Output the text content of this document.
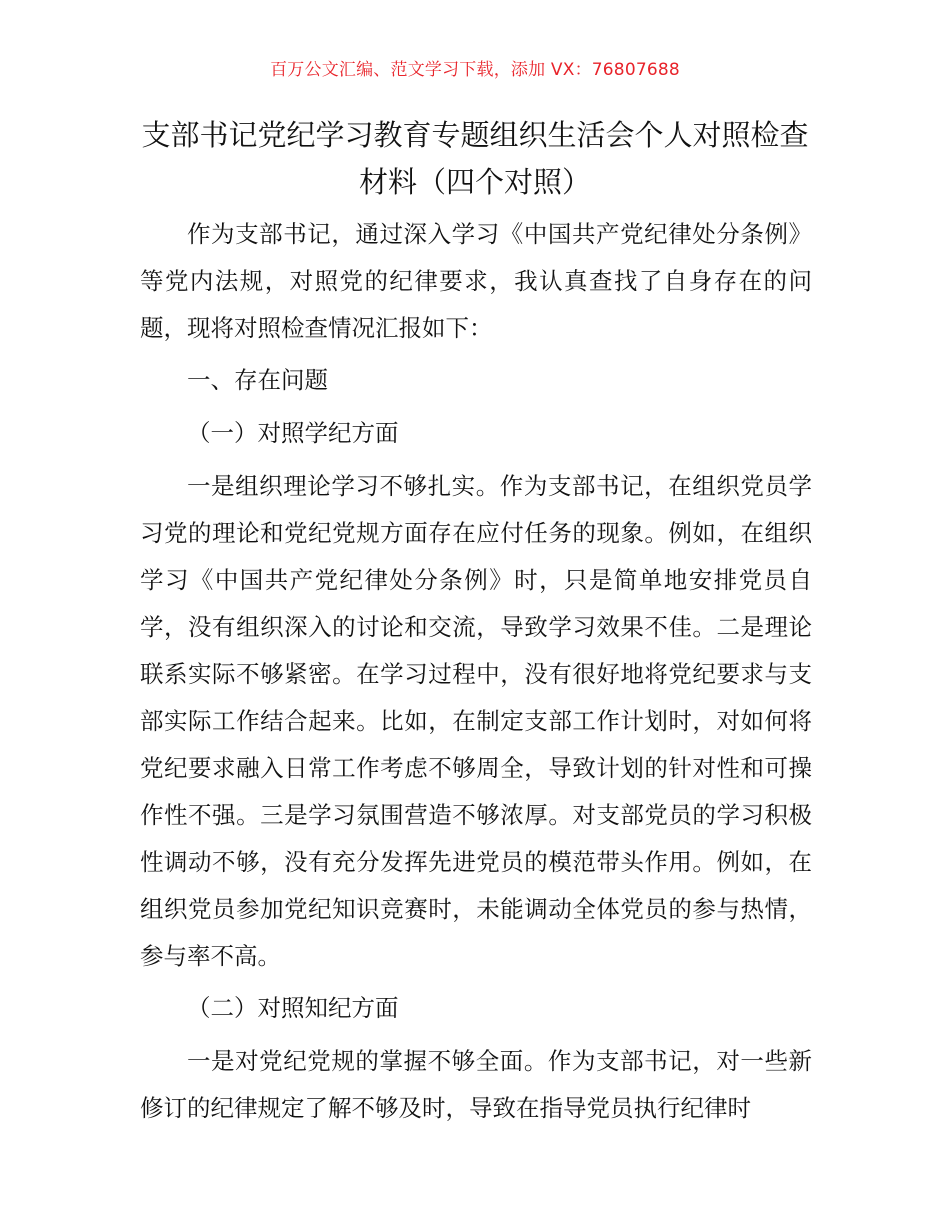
百万公文汇编、范文学习下载，添加 VX：76807688
支部书记党纪学习教育专题组织生活会个人对照检查材料（四个对照）

作为支部书记，通过深入学习《中国共产党纪律处分条例》等党内法规，对照党的纪律要求，我认真查找了自身存在的问题，现将对照检查情况汇报如下：

一、存在问题

（一）对照学纪方面

一是组织理论学习不够扎实。作为支部书记，在组织党员学习党的理论和党纪党规方面存在应付任务的现象。例如，在组织学习《中国共产党纪律处分条例》时，只是简单地安排党员自学，没有组织深入的讨论和交流，导致学习效果不佳。二是理论联系实际不够紧密。在学习过程中，没有很好地将党纪要求与支部实际工作结合起来。比如，在制定支部工作计划时，对如何将党纪要求融入日常工作考虑不够周全，导致计划的针对性和可操作性不强。三是学习氛围营造不够浓厚。对支部党员的学习积极性调动不够，没有充分发挥先进党员的模范带头作用。例如，在组织党员参加党纪知识竞赛时，未能调动全体党员的参与热情，参与率不高。

（二）对照知纪方面

一是对党纪党规的掌握不够全面。作为支部书记，对一些新修订的纪律规定了解不够及时，导致在指导党员执行纪律时
